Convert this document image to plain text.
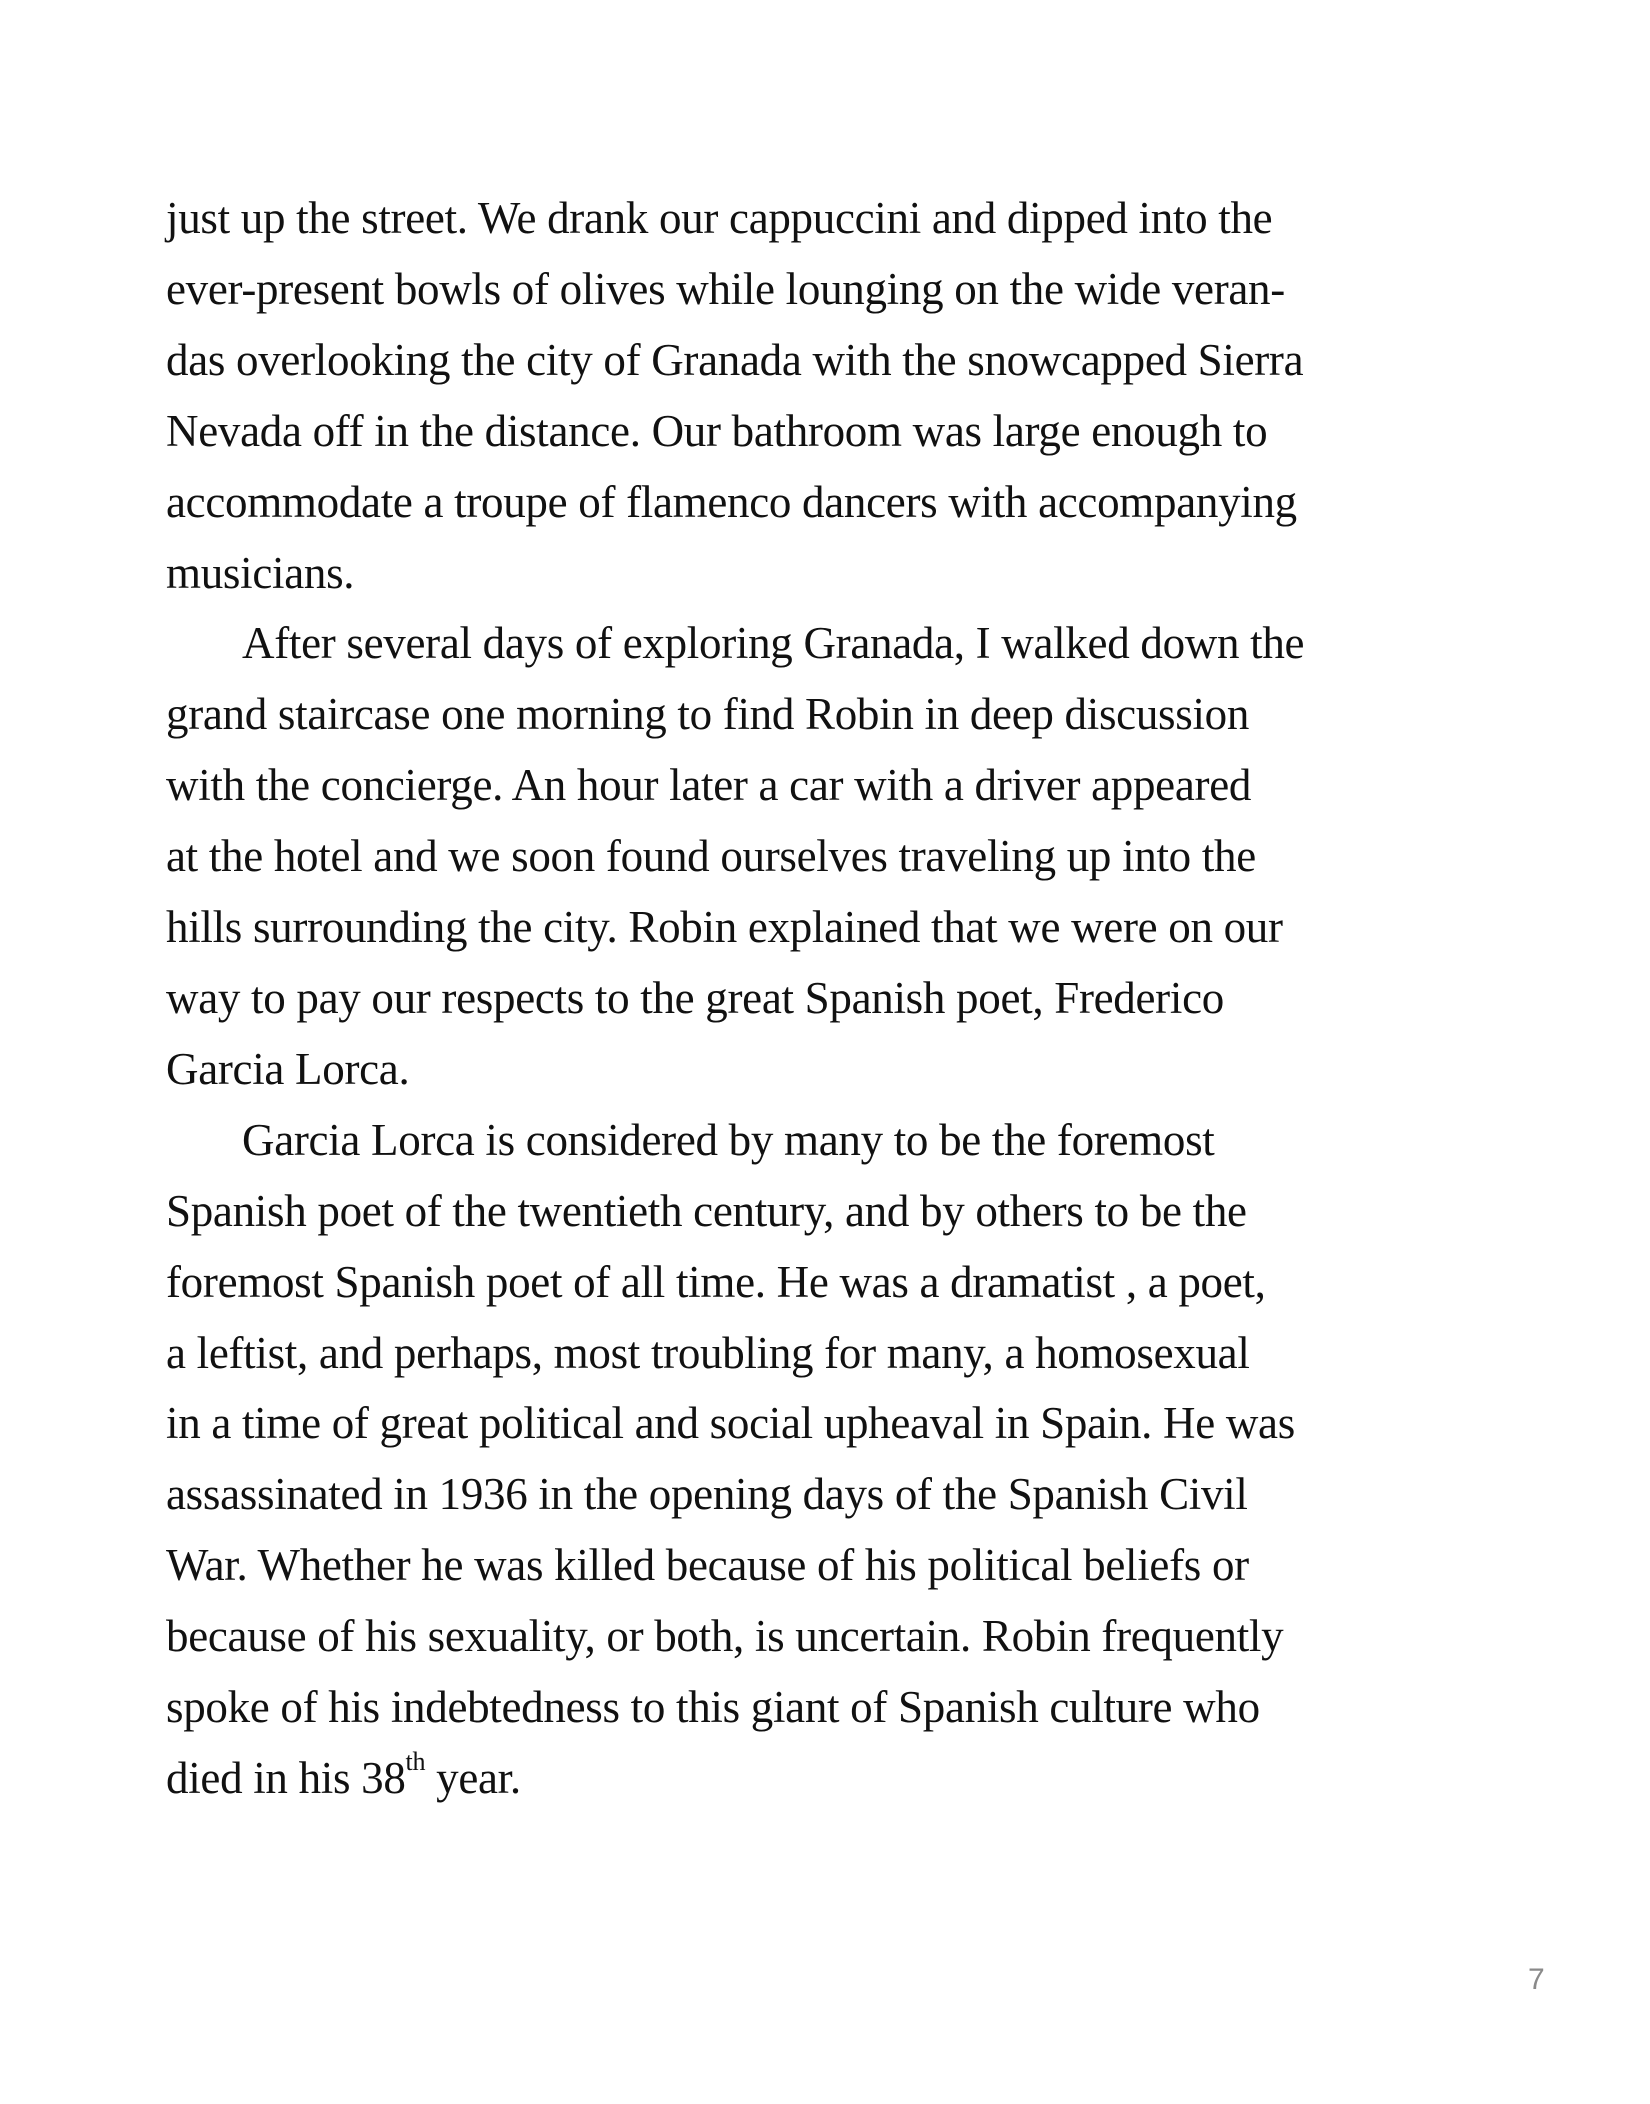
just up the street. We drank our cappuccini and dipped into the
ever-present bowls of olives while lounging on the wide veran-
das overlooking the city of Granada with the snowcapped Sierra
Nevada off in the distance. Our bathroom was large enough to
accommodate a troupe of flamenco dancers with accompanying
musicians.

After several days of exploring Granada, I walked down the
grand staircase one morning to find Robin in deep discussion
with the concierge. An hour later a car with a driver appeared
at the hotel and we soon found ourselves traveling up into the
hills surrounding the city. Robin explained that we were on our
way to pay our respects to the great Spanish poet, Frederico
Garcia Lorca.

Garcia Lorca is considered by many to be the foremost
Spanish poet of the twentieth century, and by others to be the
foremost Spanish poet of all time. He was a dramatist , a poet,
a leftist, and perhaps, most troubling for many, a homosexual
in a time of great political and social upheaval in Spain. He was
assassinated in 1936 in the opening days of the Spanish Civil
War. Whether he was killed because of his political beliefs or
because of his sexuality, or both, is uncertain. Robin frequently
spoke of his indebtedness to this giant of Spanish culture who
died in his 38th year.

7
